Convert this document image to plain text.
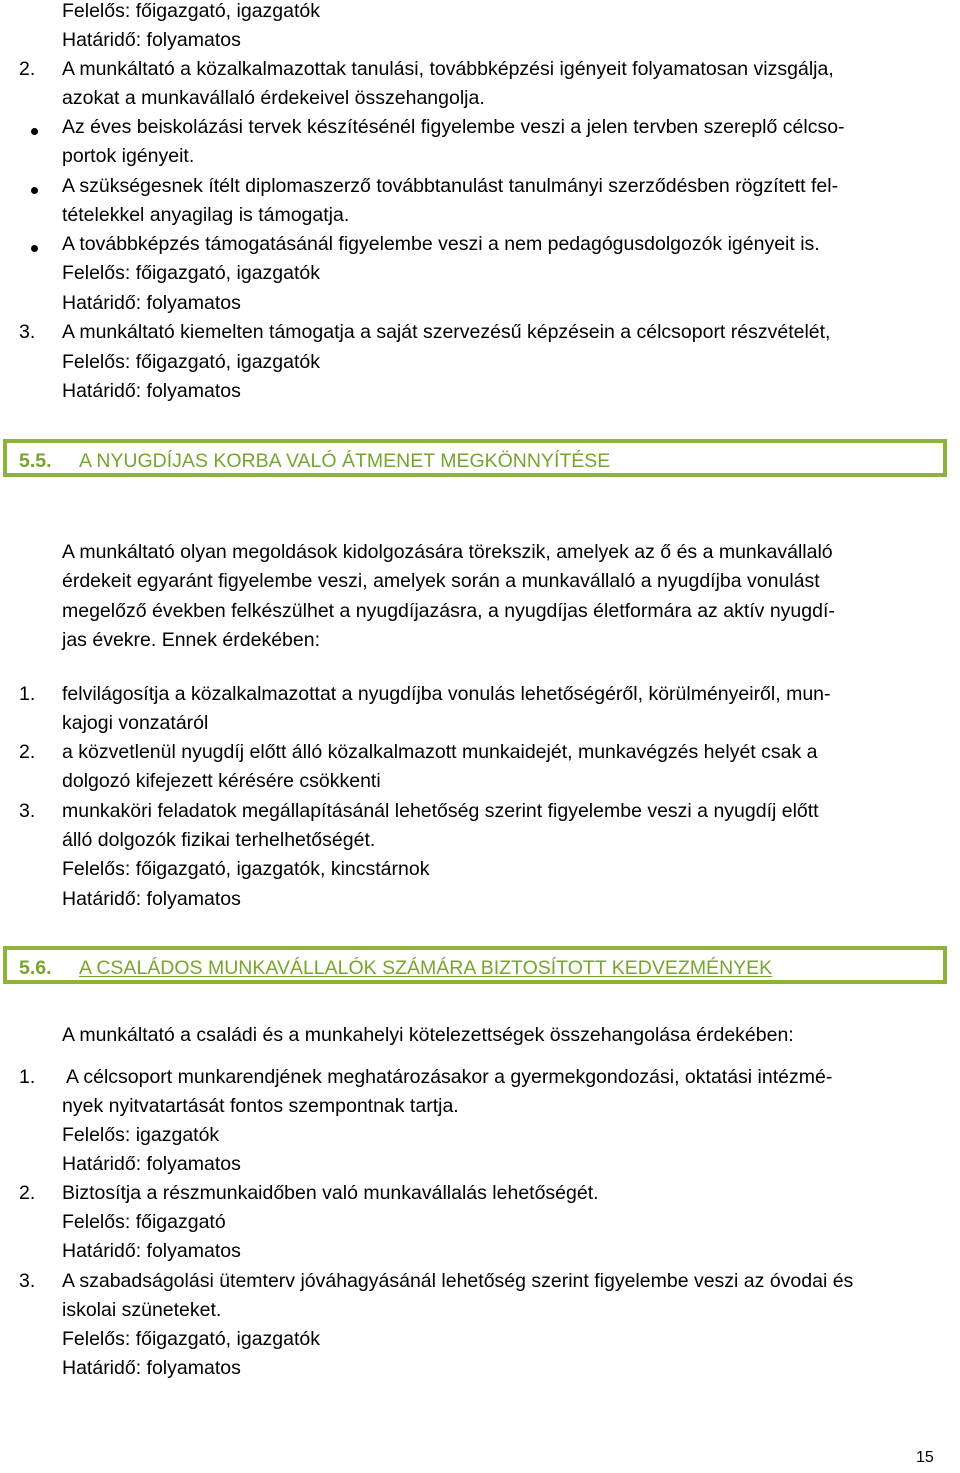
5.5. A NYUGDÍJAS KORBA VALÓ ÁTMENET MEGKÖNNYÍTÉSE
5.6. A CSALÁDOS MUNKAVÁLLALÓK SZÁMÁRA BIZTOSÍTOTT KEDVEZMÉNYEK
15
Felelős: főigazgató, igazgatók
Határidő: folyamatos
2. A munkáltató a közalkalmazottak tanulási, továbbképzési igényeit folyamatosan vizsgálja,
azokat a munkavállaló érdekeivel összehangolja.
Az éves beiskolázási tervek készítésénél figyelembe veszi a jelen tervben szereplő célcso-
portok igényeit.
A szükségesnek ítélt diplomaszerző továbbtanulást tanulmányi szerződésben rögzített fel-
tételekkel anyagilag is támogatja.
A továbbképzés támogatásánál figyelembe veszi a nem pedagógusdolgozók igényeit is.
Felelős: főigazgató, igazgatók
Határidő: folyamatos
3. A munkáltató kiemelten támogatja a saját szervezésű képzésein a célcsoport részvételét,
Felelős: főigazgató, igazgatók
Határidő: folyamatos
A munkáltató olyan megoldások kidolgozására törekszik, amelyek az ő és a munkavállaló
érdekeit egyaránt figyelembe veszi, amelyek során a munkavállaló a nyugdíjba vonulást
megelőző években felkészülhet a nyugdíjazásra, a nyugdíjas életformára az aktív nyugdí-
jas évekre. Ennek érdekében:
1. felvilágosítja a közalkalmazottat a nyugdíjba vonulás lehetőségéről, körülményeiről, mun-
kajogi vonzatáról
2. a közvetlenül nyugdíj előtt álló közalkalmazott munkaidejét, munkavégzés helyét csak a
dolgozó kifejezett kérésére csökkenti
3. munkaköri feladatok megállapításánál lehetőség szerint figyelembe veszi a nyugdíj előtt
álló dolgozók fizikai terhelhetőségét.
Felelős: főigazgató, igazgatók, kincstárnok
Határidő: folyamatos
A munkáltató a családi és a munkahelyi kötelezettségek összehangolása érdekében:
1. A célcsoport munkarendjének meghatározásakor a gyermekgondozási, oktatási intézmé-
nyek nyitvatartását fontos szempontnak tartja.
Felelős: igazgatók
Határidő: folyamatos
2. Biztosítja a részmunkaidőben való munkavállalás lehetőségét.
Felelős: főigazgató
Határidő: folyamatos
3. A szabadságolási ütemterv jóváhagyásánál lehetőség szerint figyelembe veszi az óvodai és
iskolai szüneteket.
Felelős: főigazgató, igazgatók
Határidő: folyamatos
